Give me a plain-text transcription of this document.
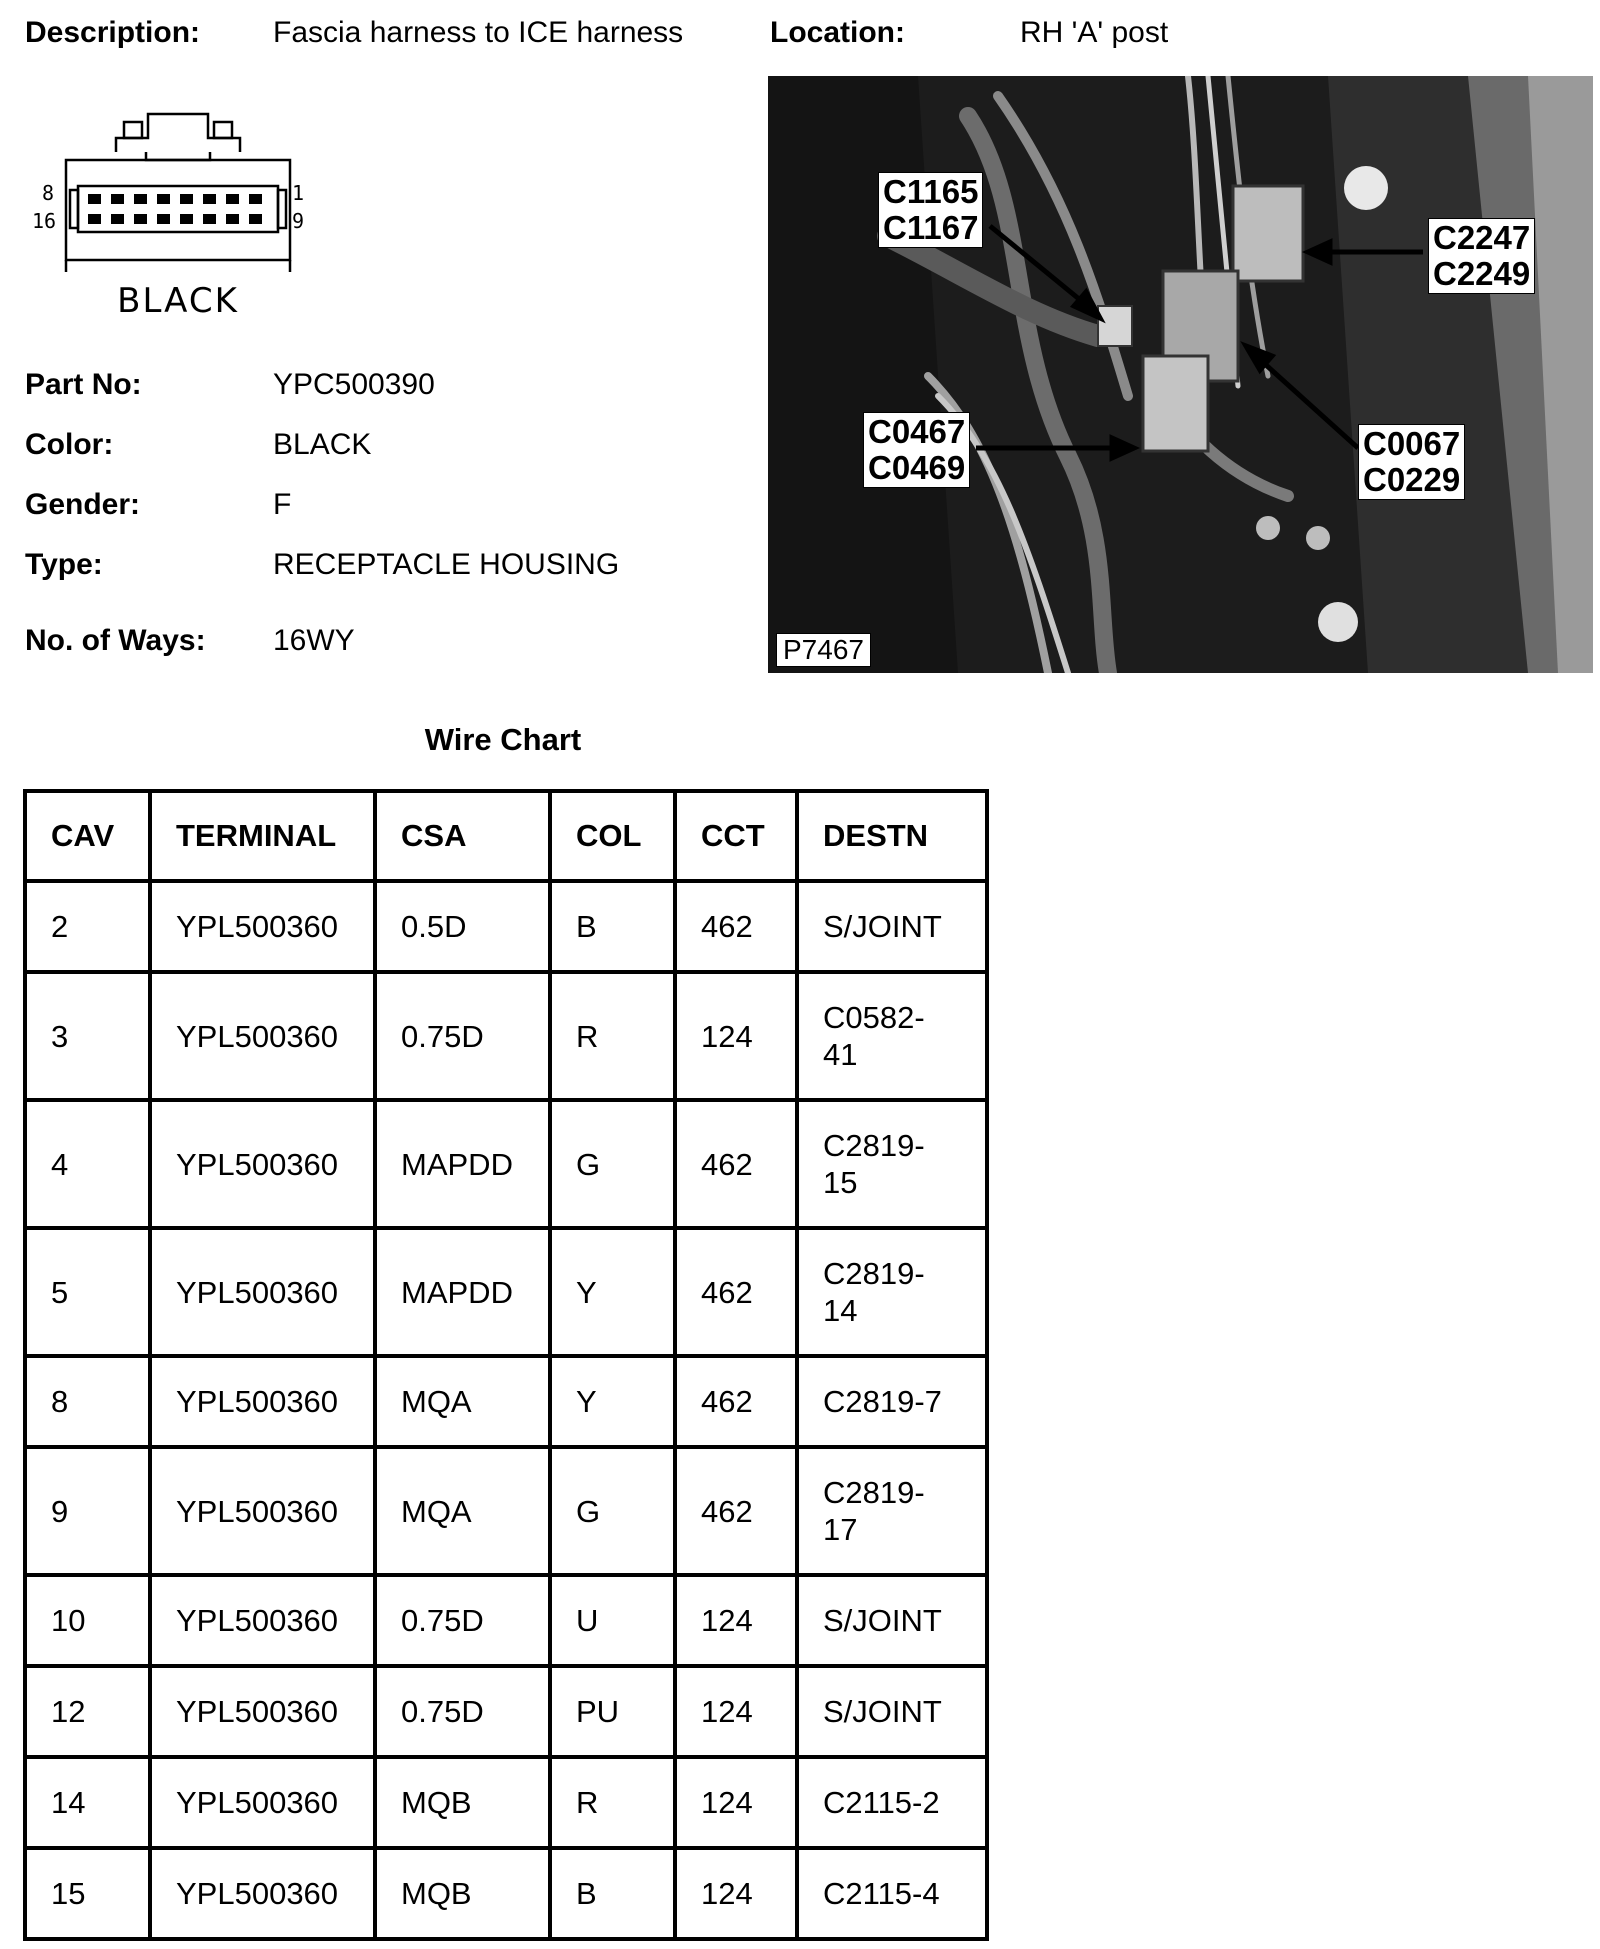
Description: Fascia harness to ICE harness	Location:	RH 'A' post
8
16
1
9
BLACK
Part No:	YPC500390
Color:	BLACK
Gender:	F
Type:	RECEPTACLE HOUSING
No. of Ways: 16WY
C1165
C1167	C2247
C2249
C0467
C0469
C0067
C0229
P7467
Wire Chart
CAV	TERMINAL	CSA	COL	CCT	DESTN
2	YPL500360	0.5D	B	462	S/JOINT

3	YPL500360	0.75D	R	124	C0582-
41

4	YPL500360	MAPDD	G	462	C2819-
15

5	YPL500360	MAPDD	Y	462	C2819-
14

8	YPL500360	MQA	Y	462	C2819-7

9	YPL500360	MQA	G	462	C2819-
17

10	YPL500360	0.75D	U	124	S/JOINT

12	YPL500360	0.75D	PU	124	S/JOINT

14	YPL500360	MQB	R	124	C2115-2

15	YPL500360	MQB	B	124	C2115-4
